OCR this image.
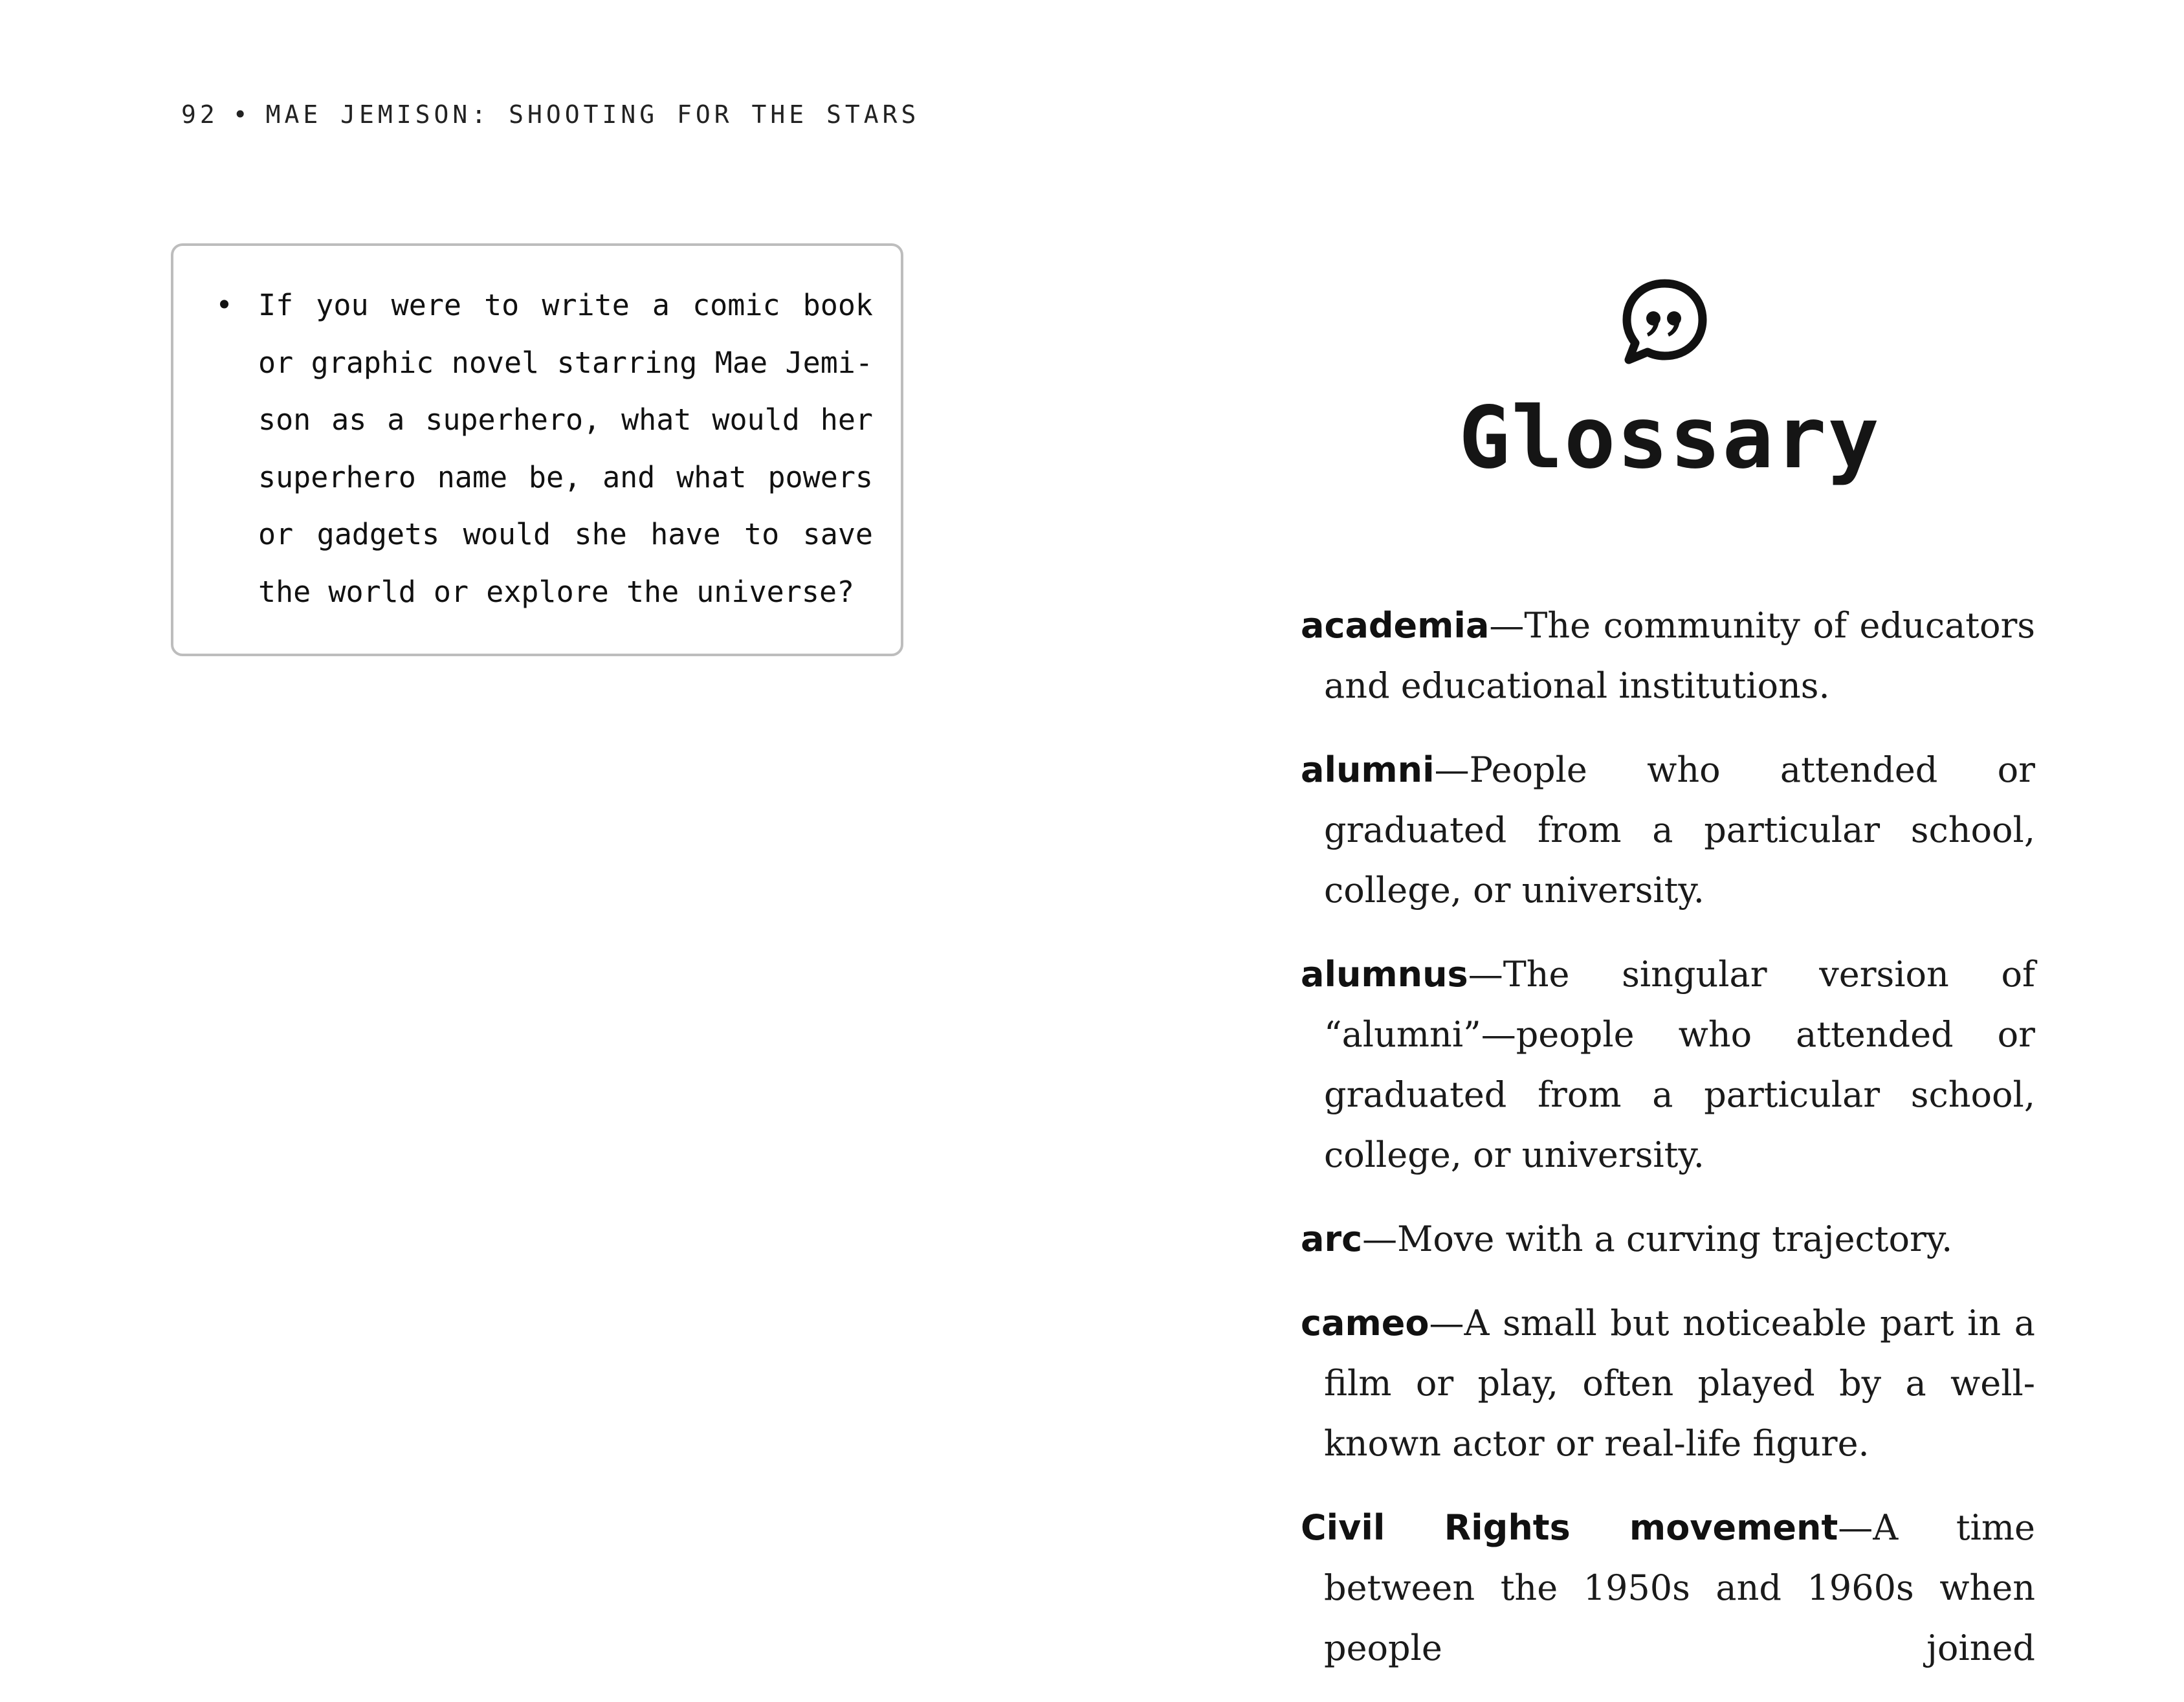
92 • MAE JEMISON: SHOOTING FOR THE STARS
• If you were to write a comic book or graphic novel starring Mae Jemi-son as a superhero, what would her superhero name be, and what powers or gadgets would she have to save the world or explore the universe?
Glossary
academia—The community of educators and educational institutions.
alumni—People who attended or graduated from a particular school, college, or university.
alumnus—The singular version of “alumni”—people who attended or graduated from a particular school, college, or university.
arc—Move with a curving trajectory.
cameo—A small but noticeable part in a film or play, often played by a well-known actor or real-life figure.
Civil Rights movement—A time between the 1950s and 1960s when people joined
